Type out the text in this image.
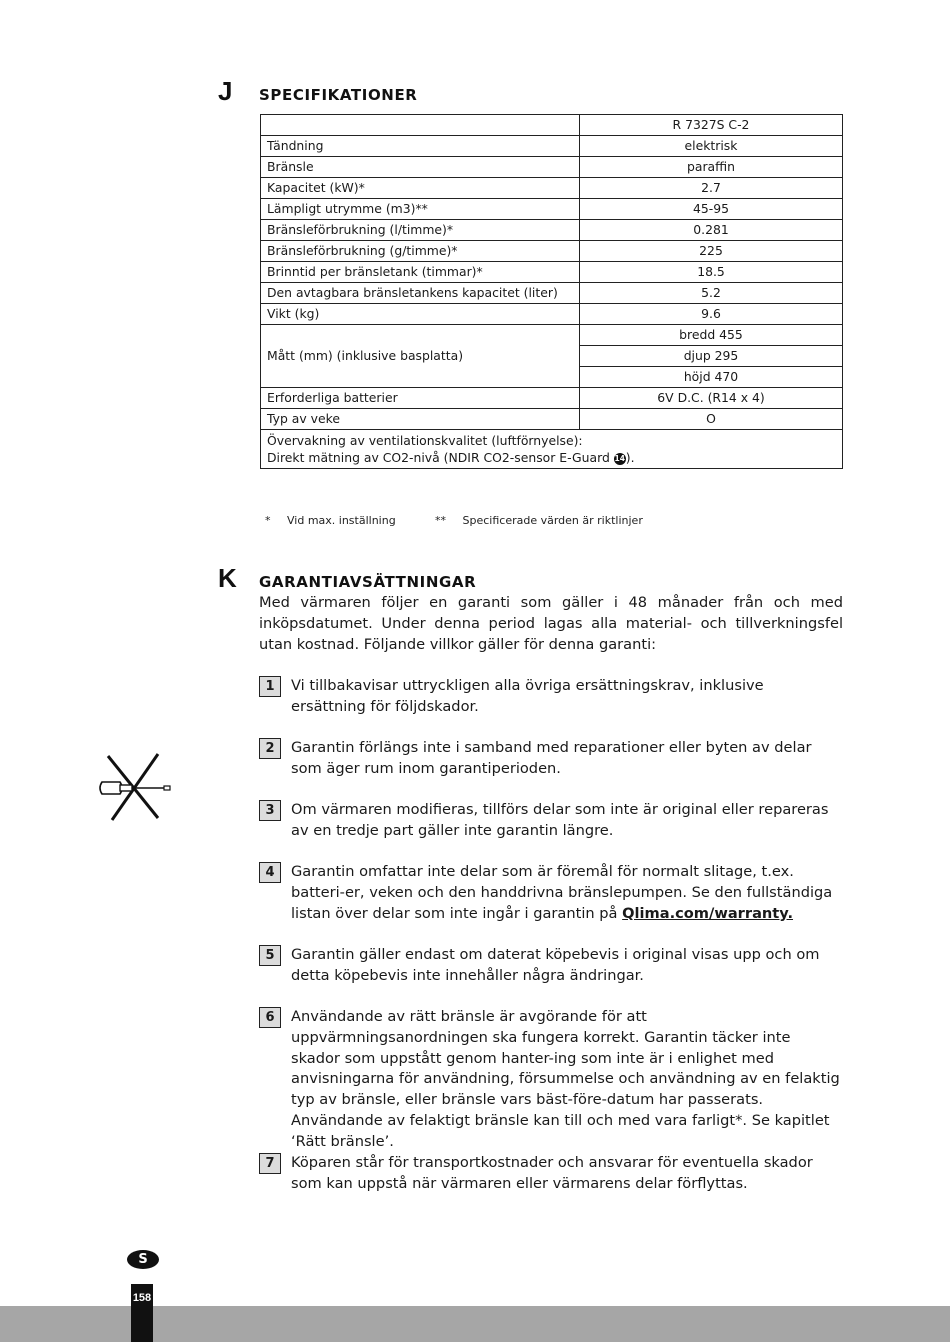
J SPECIFIKATIONER
	R 7327S C-2
Tändning	elektrisk
Bränsle	paraffin
Kapacitet (kW)*	2.7
Lämpligt utrymme (m3)**	45-95
Bränsleförbrukning (l/timme)*	0.281
Bränsleförbrukning (g/timme)*	225
Brinntid per bränsletank (timmar)*	18.5
Den avtagbara bränsletankens kapacitet (liter)	5.2
Vikt (kg)	9.6
Mått (mm) (inklusive basplatta)	bredd 455
	djup 295
	höjd 470
Erforderliga batterier	6V D.C. (R14 x 4)
Typ av veke	O

Övervakning av ventilationskvalitet (luftförnyelse):
Direkt mätning av CO2-nivå (NDIR CO2-sensor E-Guard 14).	
* Vid max. inställning	** Specificerade värden är riktlinjer
K GARANTIAVSÄTTNINGAR
Med värmaren följer en garanti som gäller i 48 månader från och med inköpsdatumet. Under denna period lagas alla material- och tillverkningsfel utan kostnad. Följande villkor gäller för denna garanti:
1	Vi tillbakavisar uttryckligen alla övriga ersättningskrav, inklusive ersättning för följdskador.
2	Garantin förlängs inte i samband med reparationer eller byten av delar som äger rum inom garantiperioden.
3	Om värmaren modifieras, tillförs delar som inte är original eller repareras av en tredje part gäller inte garantin längre.
4	Garantin omfattar inte delar som är föremål för normalt slitage, t.ex. batteri-er, veken och den handdrivna bränslepumpen. Se den fullständiga listan över delar som inte ingår i garantin på Qlima.com/warranty.
5	Garantin gäller endast om daterat köpebevis i original visas upp och om detta köpebevis inte innehåller några ändringar.
6	Användande av rätt bränsle är avgörande för att uppvärmningsanordningen ska fungera korrekt. Garantin täcker inte skador som uppstått genom hanter-ing som inte är i enlighet med anvisningarna för användning, försummelse och användning av en felaktig typ av bränsle, eller bränsle vars bäst-före-datum har passerats. Användande av felaktigt bränsle kan till och med vara farligt*. Se kapitlet ‘Rätt bränsle’.
7	Köparen står för transportkostnader och ansvarar för eventuella skador som kan uppstå när värmaren eller värmarens delar förflyttas.
S
158
